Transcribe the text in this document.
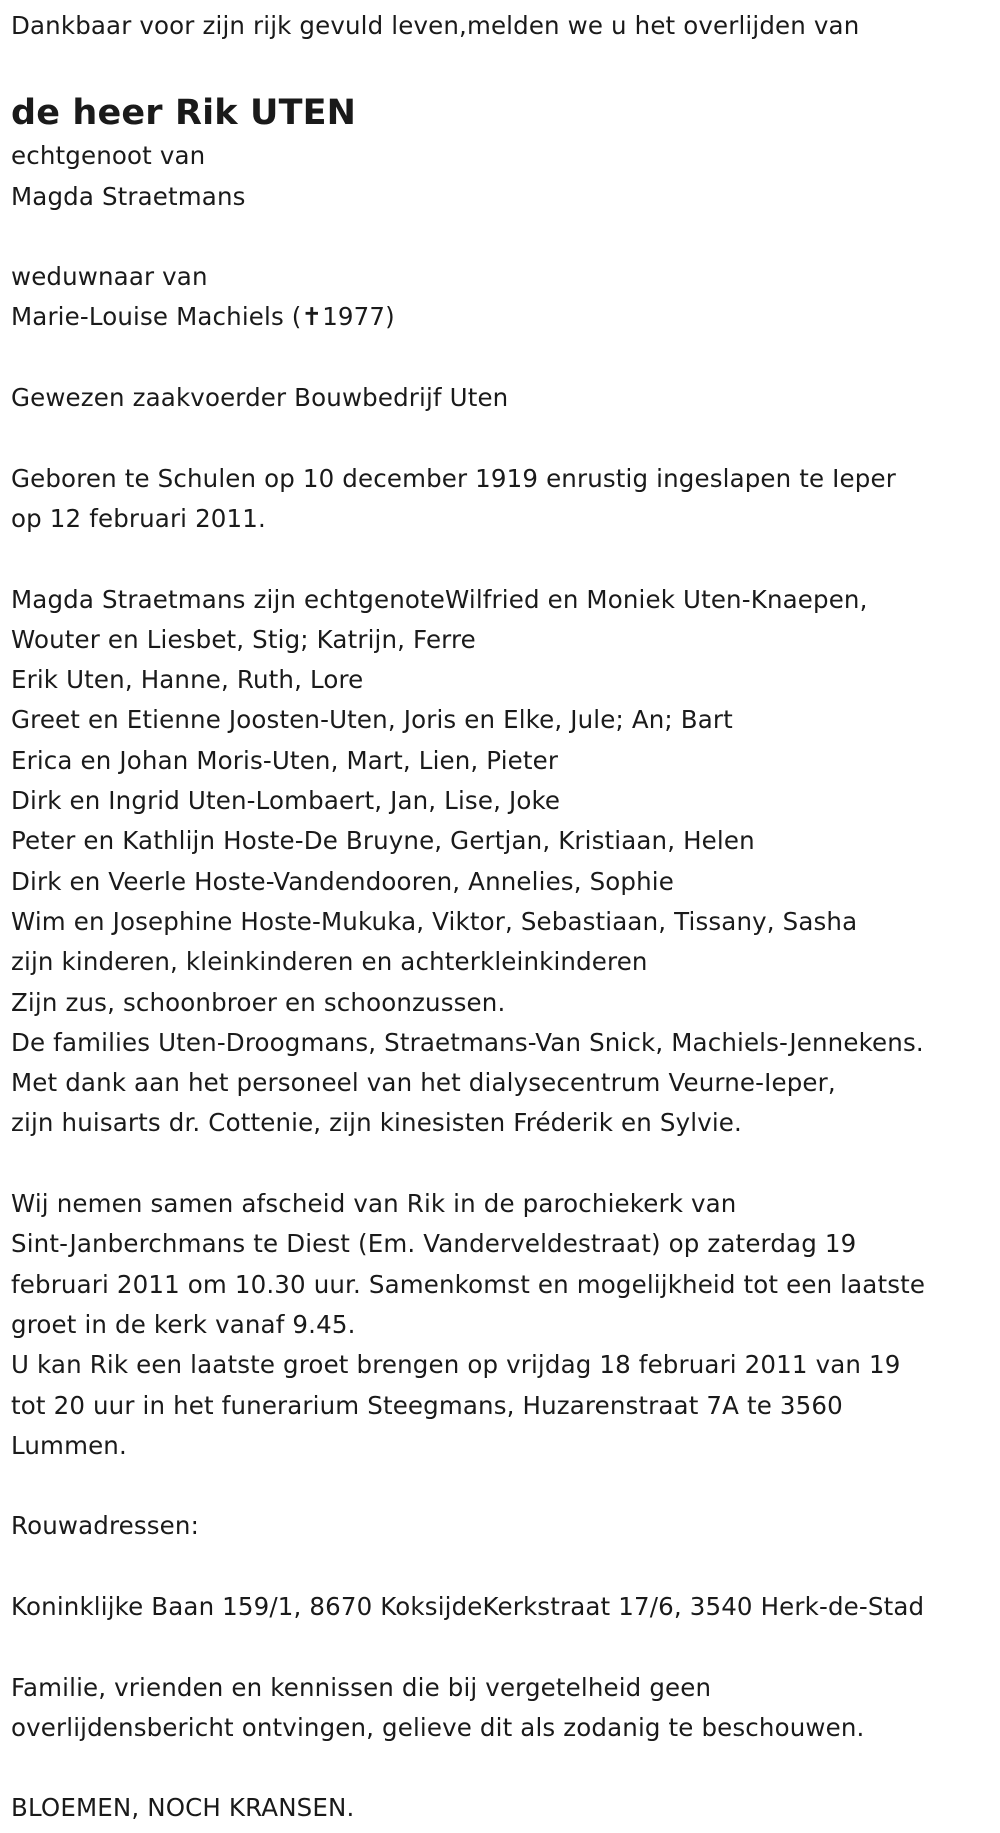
Dankbaar voor zijn rijk gevuld leven,melden we u het overlijden van
de heer Rik UTEN
echtgenoot van
Magda Straetmans
weduwnaar van
Marie-Louise Machiels (✝1977)
Gewezen zaakvoerder Bouwbedrijf Uten
Geboren te Schulen op 10 december 1919 enrustig ingeslapen te Ieper
op 12 februari 2011.
Magda Straetmans zijn echtgenoteWilfried en Moniek Uten-Knaepen,
Wouter en Liesbet, Stig; Katrijn, Ferre
Erik Uten, Hanne, Ruth, Lore
Greet en Etienne Joosten-Uten, Joris en Elke, Jule; An; Bart
Erica en Johan Moris-Uten, Mart, Lien, Pieter
Dirk en Ingrid Uten-Lombaert, Jan, Lise, Joke
Peter en Kathlijn Hoste-De Bruyne, Gertjan, Kristiaan, Helen
Dirk en Veerle Hoste-Vandendooren, Annelies, Sophie
Wim en Josephine Hoste-Mukuka, Viktor, Sebastiaan, Tissany, Sasha
zijn kinderen, kleinkinderen en achterkleinkinderen
Zijn zus, schoonbroer en schoonzussen.
De families Uten-Droogmans, Straetmans-Van Snick, Machiels-Jennekens.
Met dank aan het personeel van het dialysecentrum Veurne-Ieper,
zijn huisarts dr. Cottenie, zijn kinesisten Fréderik en Sylvie.
Wij nemen samen afscheid van Rik in de parochiekerk van
Sint-Janberchmans te Diest (Em. Vanderveldestraat) op zaterdag 19
februari 2011 om 10.30 uur. Samenkomst en mogelijkheid tot een laatste
groet in de kerk vanaf 9.45.
U kan Rik een laatste groet brengen op vrijdag 18 februari 2011 van 19
tot 20 uur in het funerarium Steegmans, Huzarenstraat 7A te 3560
Lummen.
Rouwadressen:
Koninklijke Baan 159/1, 8670 KoksijdeKerkstraat 17/6, 3540 Herk-de-Stad
Familie, vrienden en kennissen die bij vergetelheid geen
overlijdensbericht ontvingen, gelieve dit als zodanig te beschouwen.
BLOEMEN, NOCH KRANSEN.
